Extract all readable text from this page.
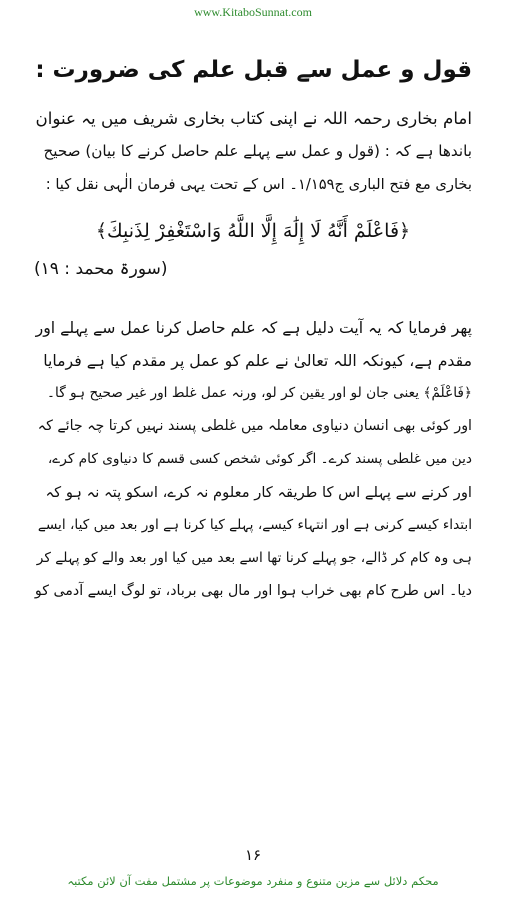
www.KitaboSunnat.com

قول و عمل سے قبل علم کی ضرورت :

امام بخاری رحمہ اللہ نے اپنی کتاب بخاری شریف میں یہ عنوان
باندھا ہے کہ : (قول و عمل سے پہلے علم حاصل کرنے کا بیان) صحیح
بخاری مع فتح الباری ج۱/۱۵۹۔ اس کے تحت یہی فرمان الٰہی نقل کیا :

﴿فَاعْلَمْ أَنَّهُ لَا إِلَٰهَ إِلَّا اللَّهُ وَاسْتَغْفِرْ لِذَنبِكَ﴾

(سورۃ محمد : ۱۹)

پھر فرمایا کہ یہ آیت دلیل ہے کہ علم حاصل کرنا عمل سے پہلے اور
مقدم ہے، کیونکہ اللہ تعالیٰ نے علم کو عمل پر مقدم کیا ہے فرمایا
﴿فَاعْلَمْ﴾ یعنی جان لو اور یقین کر لو، ورنہ عمل غلط اور غیر صحیح ہو گا۔
اور کوئی بھی انسان دنیاوی معاملہ میں غلطی پسند نہیں کرتا چہ جائے کہ
دین میں غلطی پسند کرے۔ اگر کوئی شخص کسی قسم کا دنیاوی کام کرے،
اور کرنے سے پہلے اس کا طریقہ کار معلوم نہ کرے، اسکو پتہ نہ ہو کہ
ابتداء کیسے کرنی ہے اور انتہاء کیسے، پہلے کیا کرنا ہے اور بعد میں کیا، ایسے
ہی وہ کام کر ڈالے، جو پہلے کرنا تھا اسے بعد میں کیا اور بعد والے کو پہلے کر
دیا۔ اس طرح کام بھی خراب ہوا اور مال بھی برباد، تو لوگ ایسے آدمی کو

۱۶

محکم دلائل سے مزین متنوع و منفرد موضوعات پر مشتمل مفت آن لائن مکتبہ
